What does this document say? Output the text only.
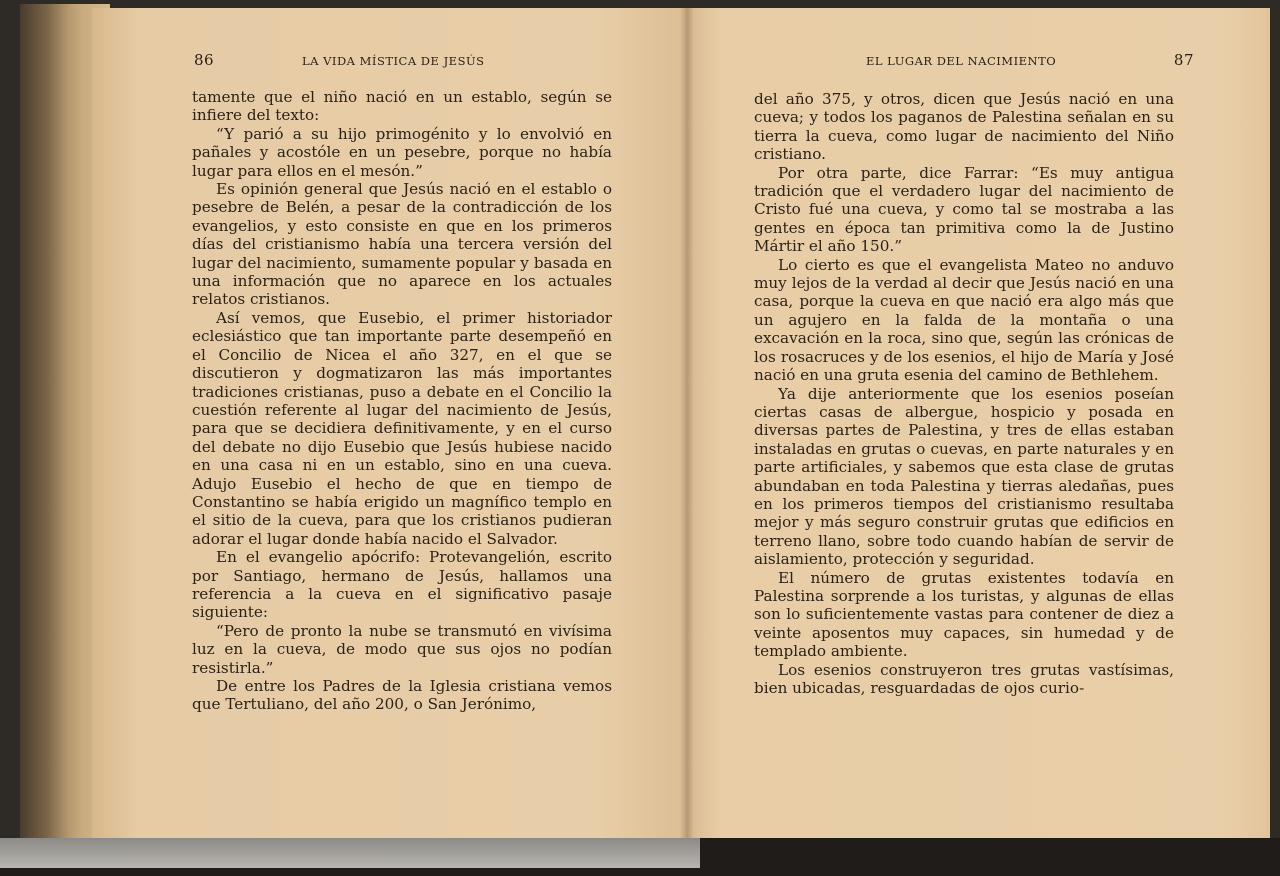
86	LA VIDA MÍSTICA DE JESÚS

tamente que el niño nació en un establo, según se infiere del texto:

“Y parió a su hijo primogénito y lo envolvió en pañales y acostóle en un pesebre, porque no había lugar para ellos en el mesón.”

Es opinión general que Jesús nació en el establo o pesebre de Belén, a pesar de la contradicción de los evangelios, y esto consiste en que en los primeros días del cristianismo había una tercera versión del lugar del nacimiento, sumamente popular y basada en una información que no aparece en los actuales relatos cristianos.

Así vemos, que Eusebio, el primer historiador eclesiástico que tan importante parte desempeñó en el Concilio de Nicea el año 327, en el que se discutieron y dogmatizaron las más importantes tradiciones cristianas, puso a debate en el Concilio la cuestión referente al lugar del nacimiento de Jesús, para que se decidiera definitivamente, y en el curso del debate no dijo Eusebio que Jesús hubiese nacido en una casa ni en un establo, sino en una cueva. Adujo Eusebio el hecho de que en tiempo de Constantino se había erigido un magnífico templo en el sitio de la cueva, para que los cristianos pudieran adorar el lugar donde había nacido el Salvador.

En el evangelio apócrifo: Protevangelión, escrito por Santiago, hermano de Jesús, hallamos una referencia a la cueva en el significativo pasaje siguiente:

“Pero de pronto la nube se transmutó en vivísima luz en la cueva, de modo que sus ojos no podían resistirla.”

De entre los Padres de la Iglesia cristiana vemos que Tertuliano, del año 200, o San Jerónimo,

EL LUGAR DEL NACIMIENTO	87

del año 375, y otros, dicen que Jesús nació en una cueva; y todos los paganos de Palestina señalan en su tierra la cueva, como lugar de nacimiento del Niño cristiano.

Por otra parte, dice Farrar: “Es muy antigua tradición que el verdadero lugar del nacimiento de Cristo fué una cueva, y como tal se mostraba a las gentes en época tan primitiva como la de Justino Mártir el año 150.”

Lo cierto es que el evangelista Mateo no anduvo muy lejos de la verdad al decir que Jesús nació en una casa, porque la cueva en que nació era algo más que un agujero en la falda de la montaña o una excavación en la roca, sino que, según las crónicas de los rosacruces y de los esenios, el hijo de María y José nació en una gruta esenia del camino de Bethlehem.

Ya dije anteriormente que los esenios poseían ciertas casas de albergue, hospicio y posada en diversas partes de Palestina, y tres de ellas estaban instaladas en grutas o cuevas, en parte naturales y en parte artificiales, y sabemos que esta clase de grutas abundaban en toda Palestina y tierras aledañas, pues en los primeros tiempos del cristianismo resultaba mejor y más seguro construir grutas que edificios en terreno llano, sobre todo cuando habían de servir de aislamiento, protección y seguridad.

El número de grutas existentes todavía en Palestina sorprende a los turistas, y algunas de ellas son lo suficientemente vastas para contener de diez a veinte aposentos muy capaces, sin humedad y de templado ambiente.

Los esenios construyeron tres grutas vastísimas, bien ubicadas, resguardadas de ojos curio-
